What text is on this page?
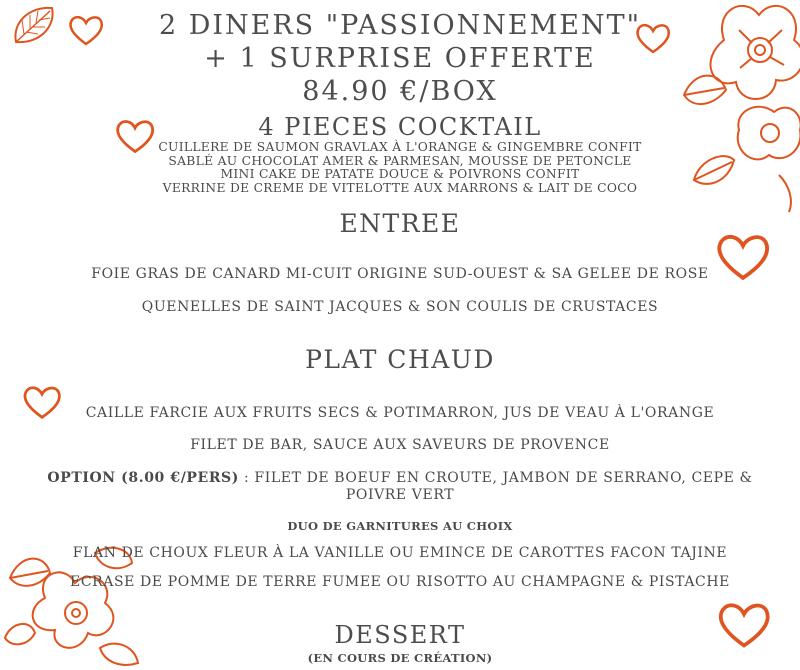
2 DINERS "PASSIONNEMENT"
+ 1 SURPRISE OFFERTE
84.90 €/BOX
4 PIECES COCKTAIL
CUILLERE DE SAUMON GRAVLAX À L'ORANGE & GINGEMBRE CONFIT
SABLÉ AU CHOCOLAT AMER & PARMESAN, MOUSSE DE PETONCLE
MINI CAKE DE PATATE DOUCE & POIVRONS CONFIT
VERRINE DE CREME DE VITELOTTE AUX MARRONS & LAIT DE COCO
ENTREE
FOIE GRAS DE CANARD MI-CUIT ORIGINE SUD-OUEST & SA GELEE DE ROSE
QUENELLES DE SAINT JACQUES & SON COULIS DE CRUSTACES
PLAT CHAUD
CAILLE FARCIE AUX FRUITS SECS & POTIMARRON, JUS DE VEAU À L'ORANGE
FILET DE BAR, SAUCE AUX SAVEURS DE PROVENCE
OPTION (8.00 €/PERS) : FILET DE BOEUF EN CROUTE, JAMBON DE SERRANO, CEPE &
POIVRE VERT
DUO DE GARNITURES AU CHOIX
FLAN DE CHOUX FLEUR À LA VANILLE OU EMINCE DE CAROTTES FACON TAJINE
ECRASE DE POMME DE TERRE FUMEE OU RISOTTO AU CHAMPAGNE & PISTACHE
DESSERT
(EN COURS DE CRÉATION)
